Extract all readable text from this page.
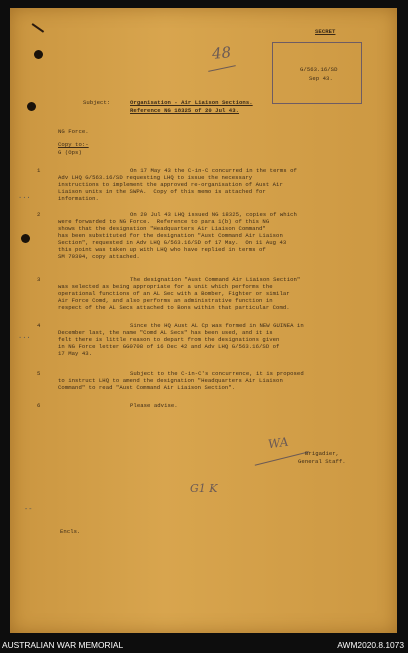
SECRET
G/563.16/SD
Sep 43.
48
Subject:	Organisation - Air Liaison Sections.
Reference NG 18325 of 20 Jul 43.
NG Force.
Copy to:-
G (Ops)
1	On 17 May 43 the C-in-C concurred in the terms of
Adv LHQ G/563.16/SD requesting LHQ to issue the necessary
instructions to implement the approved re-organisation of Aust Air
Liaison units in the SWPA.  Copy of this memo is attached for
information.
2	On 20 Jul 43 LHQ issued NG 18325, copies of which
were forwarded to NG Force.  Reference to para 1(b) of this NG
shows that the designation "Headquarters Air Liaison Command"
has been substituted for the designation "Aust Command Air Liaison
Section", requested in Adv LHQ G/563.16/SD of 17 May.  On 11 Aug 43
this point was taken up with LHQ who have replied in terms of
SM 70394, copy attached.
3	The designation "Aust Command Air Liaison Section"
was selected as being appropriate for a unit which performs the
operational functions of an AL Sec with a Bomber, Fighter or similar
Air Force Comd, and also performs an administrative function in
respect of the AL Secs attached to Bons within that particular Comd.
4	Since the HQ Aust AL Cp was formed in NEW GUINEA in
December last, the name "Comd AL Secs" has been used, and it is
felt there is little reason to depart from the designations given
in NG Force letter GG0708 of 16 Dec 42 and Adv LHQ G/563.16/SD of
17 May 43.
5	Subject to the C-in-C's concurrence, it is proposed
to instruct LHQ to amend the designation "Headquarters Air Liaison
Command" to read "Aust Command Air Liaison Section".
6	Please advise.
WA
Brigadier,
General Staff.
G1 K
Encls.
...
...
--
AUSTRALIAN WAR MEMORIAL	AWM2020.8.1073
